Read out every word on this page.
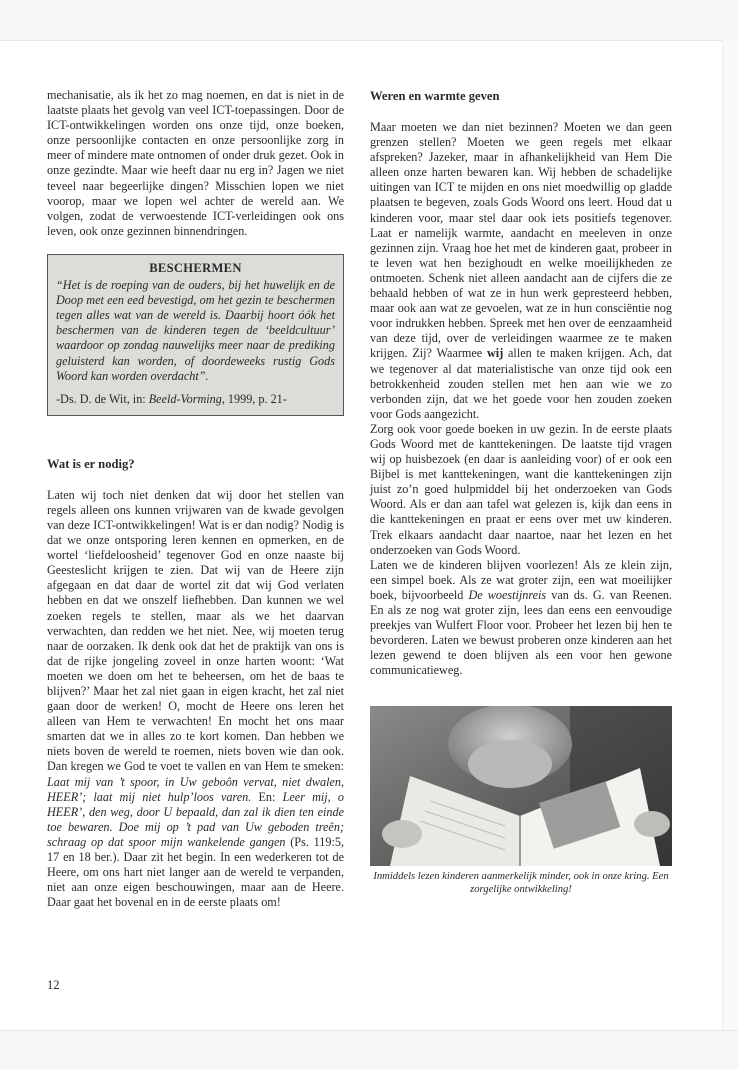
mechanisatie, als ik het zo mag noemen, en dat is niet in de laatste plaats het gevolg van veel ICT-toepassingen. Door de ICT-ontwikkelingen worden ons onze tijd, onze boeken, onze persoonlijke contacten en onze persoonlijke zorg in meer of mindere mate ontnomen of onder druk gezet. Ook in onze gezindte. Maar wie heeft daar nu erg in? Jagen we niet teveel naar begeerlijke dingen? Misschien lopen we niet voorop, maar we lopen wel achter de wereld aan. We volgen, zodat de verwoestende ICT-verleidingen ook ons leven, ook onze gezinnen binnendringen.

BESCHERMEN

“Het is de roeping van de ouders, bij het huwelijk en de Doop met een eed bevestigd, om het gezin te beschermen tegen alles wat van de wereld is. Daarbij hoort óók het beschermen van de kinderen tegen de ‘beeldcultuur’ waardoor op zondag nauwelijks meer naar de prediking geluisterd kan worden, of doordeweeks rustig Gods Woord kan worden overdacht”.

-Ds. D. de Wit, in: Beeld-Vorming, 1999, p. 21-

Wat is er nodig?

Laten wij toch niet denken dat wij door het stellen van regels alleen ons kunnen vrijwaren van de kwade gevolgen van deze ICT-ontwikkelingen! Wat is er dan nodig? Nodig is dat we onze ontsporing leren kennen en opmerken, en de wortel ‘liefdeloosheid’ tegenover God en onze naaste bij Geesteslicht krijgen te zien. Dat wij van de Heere zijn afgegaan en dat daar de wortel zit dat wij God verlaten hebben en dat we onszelf liefhebben. Dan kunnen we wel zoeken regels te stellen, maar als we het daarvan verwachten, dan redden we het niet. Nee, wij moeten terug naar de oorzaken. Ik denk ook dat het de praktijk van ons is dat de rijke jongeling zoveel in onze harten woont: ‘Wat moeten we doen om het te beheersen, om het de baas te blijven?’ Maar het zal niet gaan in eigen kracht, het zal niet gaan door de werken! O, mocht de Heere ons leren het alleen van Hem te verwachten! En mocht het ons maar smarten dat we in alles zo te kort komen. Dan hebben we niets boven de wereld te roemen, niets boven wie dan ook. Dan kregen we God te voet te vallen en van Hem te smeken: Laat mij van ’t spoor, in Uw geboôn vervat, niet dwalen, HEER’; laat mij niet hulp’loos varen. En: Leer mij, o HEER’, den weg, door U bepaald, dan zal ik dien ten einde toe bewaren. Doe mij op ’t pad van Uw geboden treên; schraag op dat spoor mijn wankelende gangen (Ps. 119:5, 17 en 18 ber.). Daar zit het begin. In een wederkeren tot de Heere, om ons hart niet langer aan de wereld te verpanden, niet aan onze eigen beschouwingen, maar aan de Heere. Daar gaat het bovenal en in de eerste plaats om!

Weren en warmte geven

Maar moeten we dan niet bezinnen? Moeten we dan geen grenzen stellen? Moeten we geen regels met elkaar afspreken? Jazeker, maar in afhankelijkheid van Hem Die alleen onze harten bewaren kan. Wij hebben de schadelijke uitingen van ICT te mijden en ons niet moedwillig op gladde plaatsen te begeven, zoals Gods Woord ons leert. Houd dat u kinderen voor, maar stel daar ook iets positiefs tegenover. Laat er namelijk warmte, aandacht en meeleven in onze gezinnen zijn. Vraag hoe het met de kinderen gaat, probeer in te leven wat hen bezighoudt en welke moeilijkheden ze ontmoeten. Schenk niet alleen aandacht aan de cijfers die ze behaald hebben of wat ze in hun werk gepresteerd hebben, maar ook aan wat ze gevoelen, wat ze in hun consciëntie nog voor indrukken hebben. Spreek met hen over de eenzaamheid van deze tijd, over de verleidingen waarmee ze te maken krijgen. Zij? Waarmee wij allen te maken krijgen. Ach, dat we tegenover al dat materialistische van onze tijd ook een betrokkenheid zouden stellen met hen aan wie we zo verbonden zijn, dat we het goede voor hen zouden zoeken voor Gods aangezicht.

Zorg ook voor goede boeken in uw gezin. In de eerste plaats Gods Woord met de kanttekeningen. De laatste tijd vragen wij op huisbezoek (en daar is aanleiding voor) of er ook een Bijbel is met kanttekeningen, want die kanttekeningen zijn juist zo’n goed hulpmiddel bij het onderzoeken van Gods Woord. Als er dan aan tafel wat gelezen is, kijk dan eens in die kanttekeningen en praat er eens over met uw kinderen. Trek elkaars aandacht daar naartoe, naar het lezen en het onderzoeken van Gods Woord.

Laten we de kinderen blijven voorlezen! Als ze klein zijn, een simpel boek. Als ze wat groter zijn, een wat moeilijker boek, bijvoorbeeld De woestijnreis van ds. G. van Reenen. En als ze nog wat groter zijn, lees dan eens een eenvoudige preekjes van Wulfert Floor voor. Probeer het lezen bij hen te bevorderen. Laten we bewust proberen onze kinderen aan het lezen gewend te doen blijven als een voor hen gewone communicatieweg.

Inmiddels lezen kinderen aanmerkelijk minder, ook in onze kring. Een zorgelijke ontwikkeling!
12
